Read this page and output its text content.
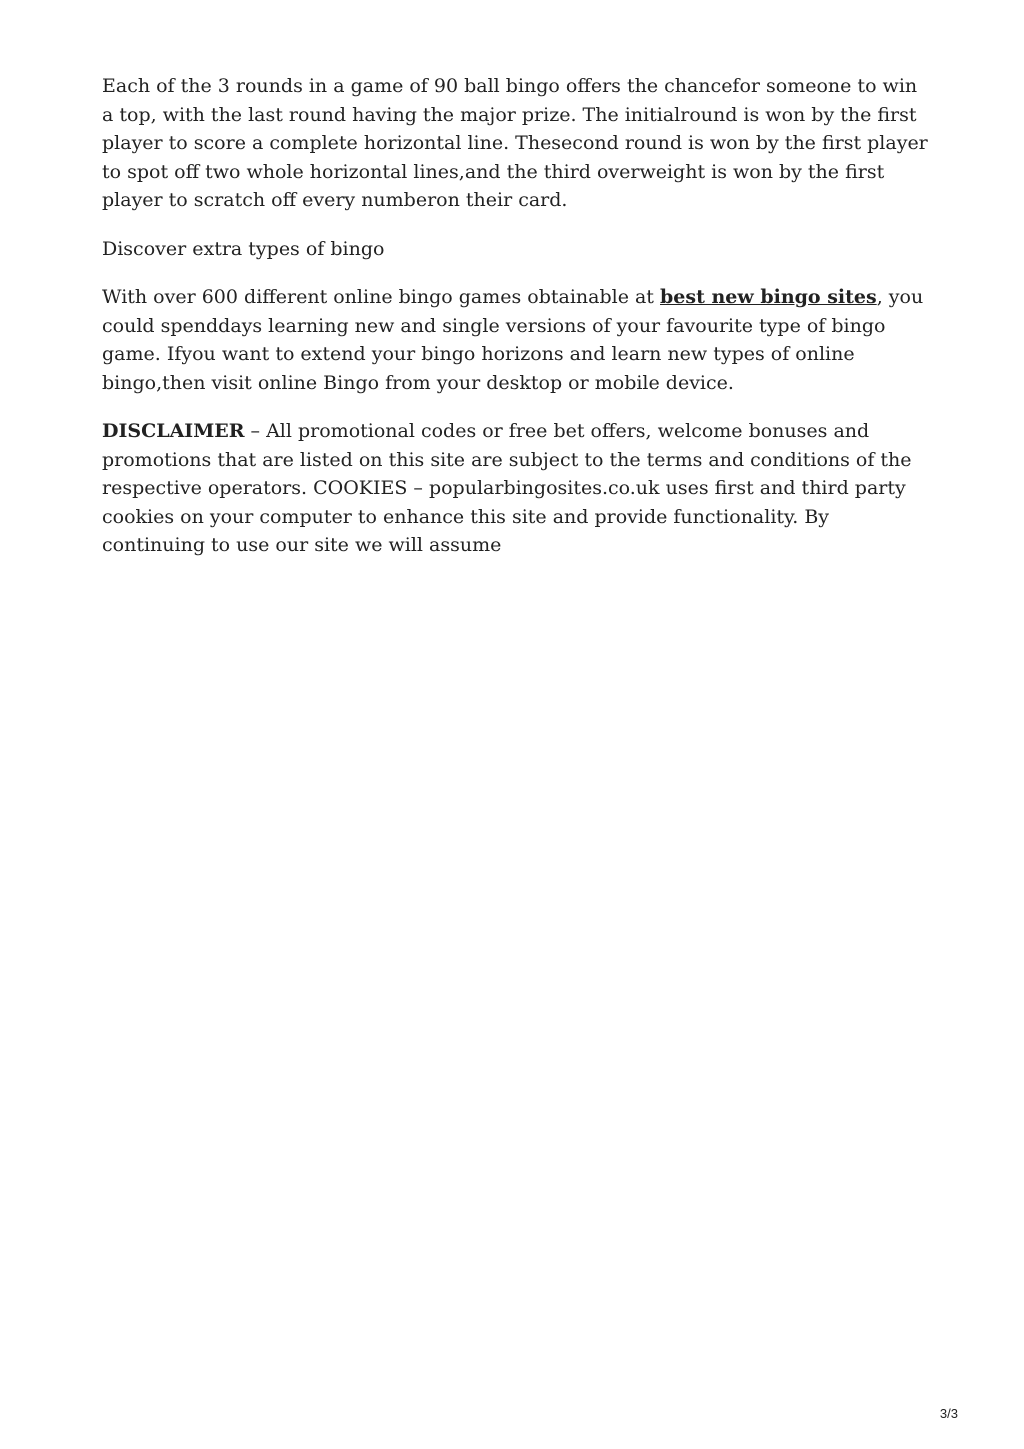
Each of the 3 rounds in a game of 90 ball bingo offers the chancefor someone to win a top, with the last round having the major prize. The initialround is won by the first player to score a complete horizontal line. Thesecond round is won by the first player to spot off two whole horizontal lines,and the third overweight is won by the first player to scratch off every numberon their card.

Discover extra types of bingo

With over 600 different online bingo games obtainable at best new bingo sites, you could spenddays learning new and single versions of your favourite type of bingo game. Ifyou want to extend your bingo horizons and learn new types of online bingo,then visit online Bingo from your desktop or mobile device.

DISCLAIMER – All promotional codes or free bet offers, welcome bonuses and promotions that are listed on this site are subject to the terms and conditions of the respective operators. COOKIES – popularbingosites.co.uk uses first and third party cookies on your computer to enhance this site and provide functionality. By continuing to use our site we will assume

3/3
